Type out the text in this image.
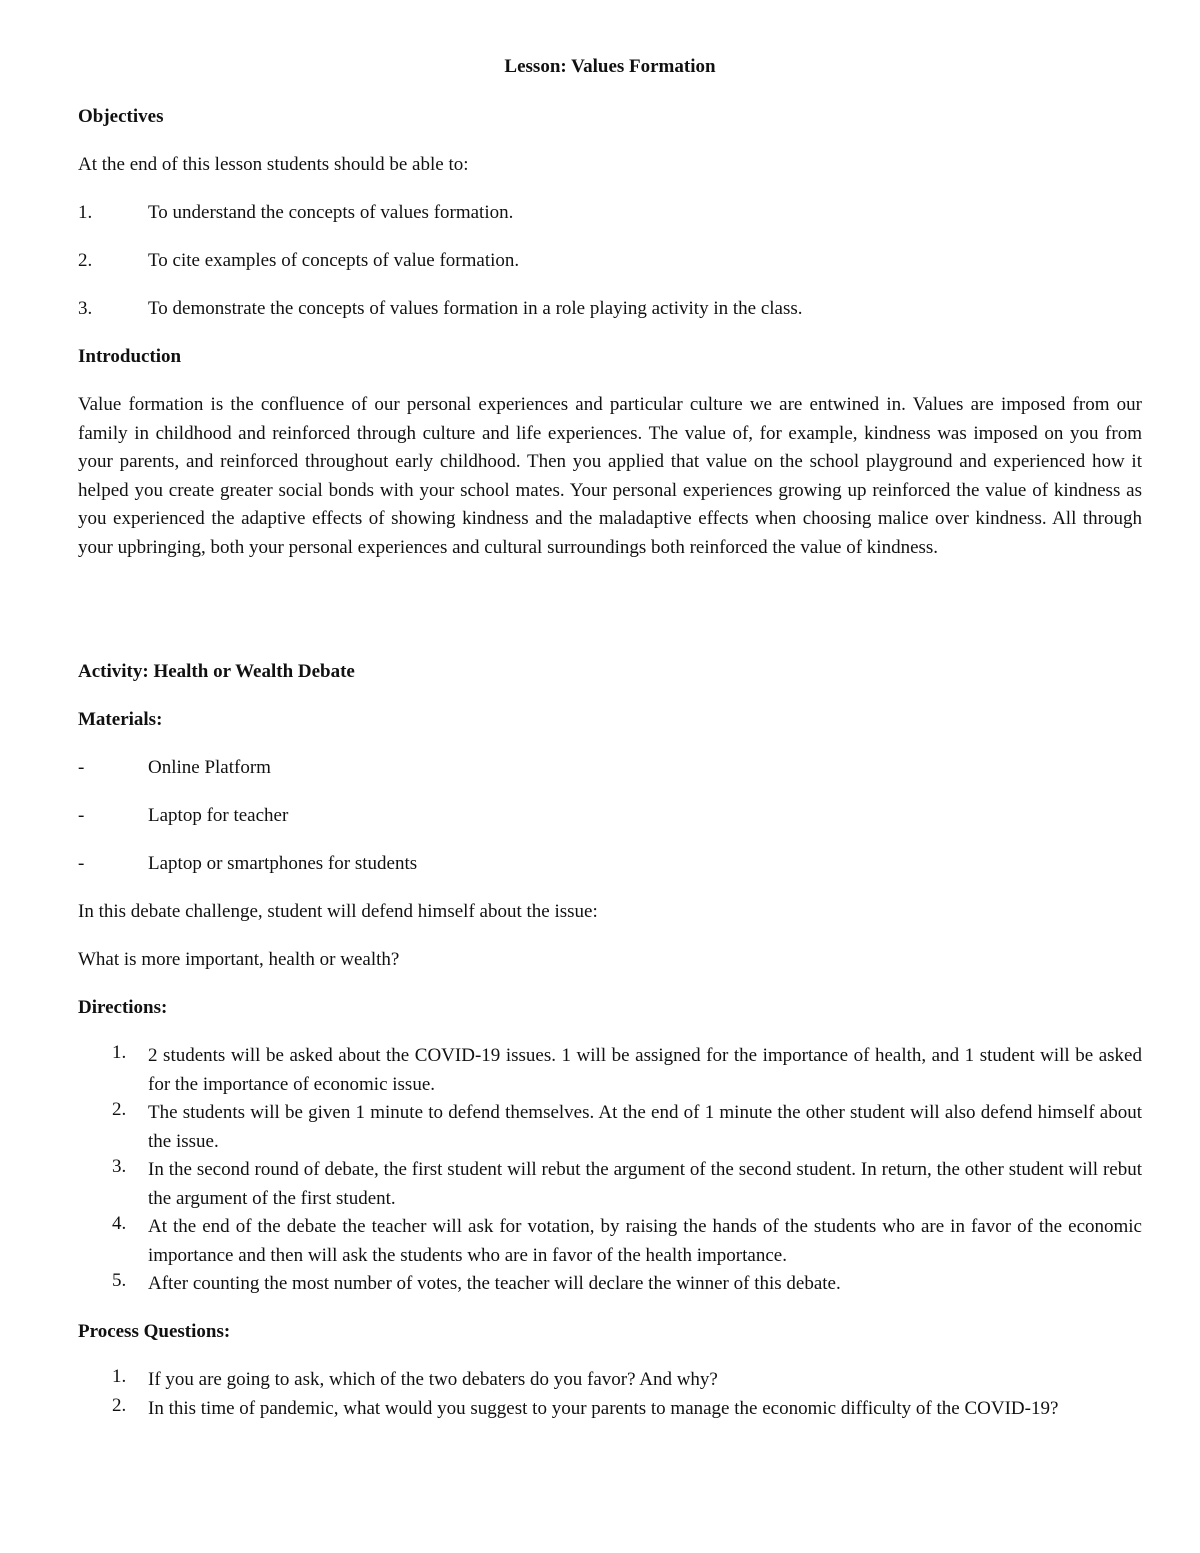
Lesson: Values Formation
Objectives
At the end of this lesson students should be able to:
1.	To understand the concepts of values formation.
2.	To cite examples of concepts of value formation.
3.	To demonstrate the concepts of values formation in a role playing activity in the class.
Introduction
Value formation is the confluence of our personal experiences and particular culture we are entwined in. Values are imposed from our family in childhood and reinforced through culture and life experiences. The value of, for example, kindness was imposed on you from your parents, and reinforced throughout early childhood. Then you applied that value on the school playground and experienced how it helped you create greater social bonds with your school mates. Your personal experiences growing up reinforced the value of kindness as you experienced the adaptive effects of showing kindness and the maladaptive effects when choosing malice over kindness. All through your upbringing, both your personal experiences and cultural surroundings both reinforced the value of kindness.
Activity: Health or Wealth Debate
Materials:
-	Online Platform
-	Laptop for teacher
-	Laptop or smartphones for students
In this debate challenge, student will defend himself about the issue:
What is more important, health or wealth?
Directions:
1. 2 students will be asked about the COVID-19 issues. 1 will be assigned for the importance of health, and 1 student will be asked for the importance of economic issue.
2. The students will be given 1 minute to defend themselves. At the end of 1 minute the other student will also defend himself about the issue.
3. In the second round of debate, the first student will rebut the argument of the second student. In return, the other student will rebut the argument of the first student.
4. At the end of the debate the teacher will ask for votation, by raising the hands of the students who are in favor of the economic importance and then will ask the students who are in favor of the health importance.
5. After counting the most number of votes, the teacher will declare the winner of this debate.
Process Questions:
1. If you are going to ask, which of the two debaters do you favor? And why?
2. In this time of pandemic, what would you suggest to your parents to manage the economic difficulty of the COVID-19?
